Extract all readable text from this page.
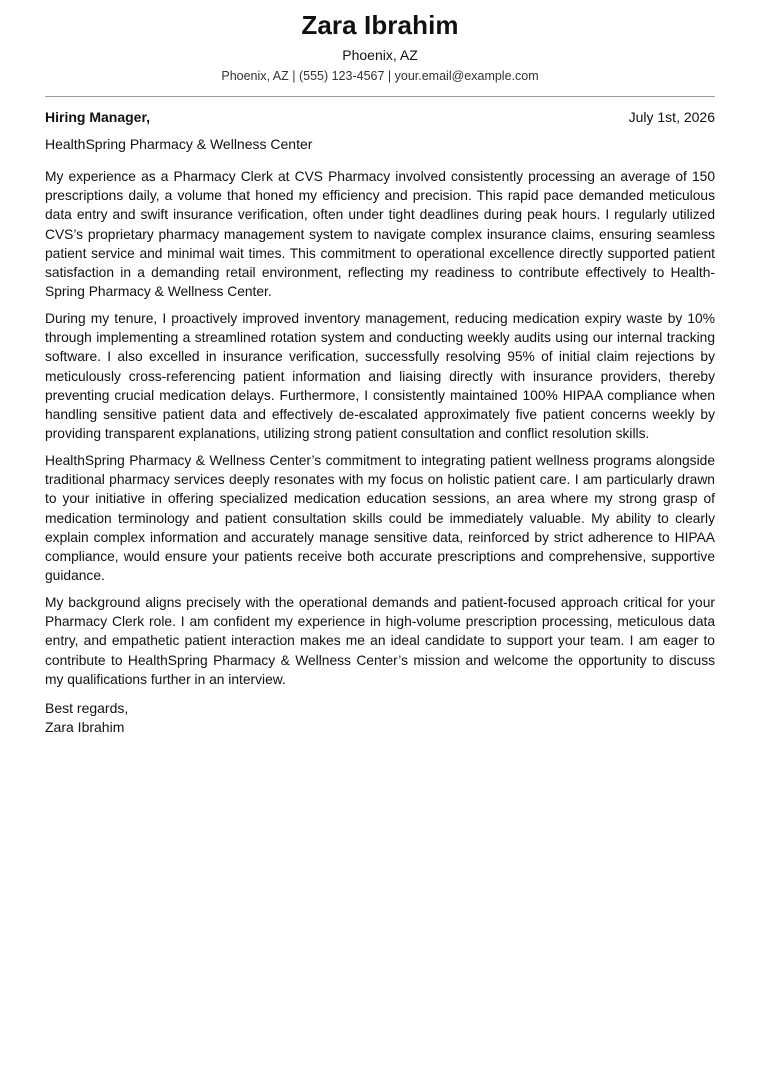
Zara Ibrahim
Phoenix, AZ
Phoenix, AZ | (555) 123-4567 | your.email@example.com
Hiring Manager,	July 1st, 2026
HealthSpring Pharmacy & Wellness Center

My experience as a Pharmacy Clerk at CVS Pharmacy involved consistently processing an average of 150 prescriptions daily, a volume that honed my efficiency and precision. This rapid pace demanded meticulous data entry and swift insurance verification, often under tight deadlines during peak hours. I regularly utilized CVS’s proprietary pharmacy management system to navigate complex insurance claims, ensuring seamless patient service and minimal wait times. This commitment to operational excellence directly supported patient satisfaction in a demanding retail environment, reflecting my readiness to contribute effectively to Health-Spring Pharmacy & Wellness Center.

During my tenure, I proactively improved inventory management, reducing medication expiry waste by 10% through implementing a streamlined rotation system and conducting weekly audits using our internal tracking software. I also excelled in insurance verification, successfully resolving 95% of initial claim rejections by meticulously cross-referencing patient information and liaising directly with insurance providers, thereby preventing crucial medication delays. Furthermore, I consistently maintained 100% HIPAA compliance when handling sensitive patient data and effectively de-escalated approximately five patient concerns weekly by providing transparent explanations, utilizing strong patient consultation and conflict resolution skills.

HealthSpring Pharmacy & Wellness Center’s commitment to integrating patient wellness programs alongside traditional pharmacy services deeply resonates with my focus on holistic patient care. I am particularly drawn to your initiative in offering specialized medication education sessions, an area where my strong grasp of medication terminology and patient consultation skills could be immediately valuable. My ability to clearly explain complex information and accurately manage sensitive data, reinforced by strict adherence to HIPAA compliance, would ensure your patients receive both accurate prescriptions and comprehensive, supportive guidance.

My background aligns precisely with the operational demands and patient-focused approach critical for your Pharmacy Clerk role. I am confident my experience in high-volume prescription processing, meticulous data entry, and empathetic patient interaction makes me an ideal candidate to support your team. I am eager to contribute to HealthSpring Pharmacy & Wellness Center’s mission and welcome the opportunity to discuss my qualifications further in an interview.

Best regards,
Zara Ibrahim
